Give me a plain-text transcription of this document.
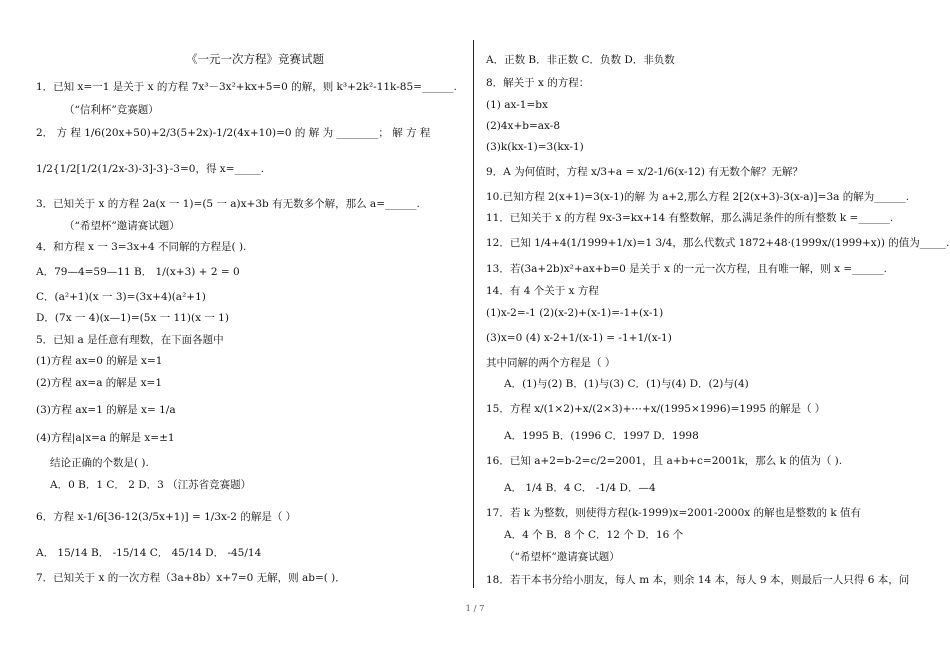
《一元一次方程》竞赛试题
1．已知 x=一1 是关于 x 的方程 7x³－3x²+kx+5=0 的解，则 k³+2k²-11k-85=______.
（“信利杯”竞赛题）
2． 方 程 1/6(20x+50)+2/3(5+2x)-1/2(4x+10)=0 的 解 为 ________； 解 方 程
1/2{1/2[1/2(1/2x-3)-3]-3}-3=0，得 x=_____.
3．已知关于 x 的方程 2a(x 一 1)=(5 一 a)x+3b 有无数多个解，那么 a=______.
（“希望杯”邀请赛试题）
4．和方程 x 一 3=3x+4 不同解的方程是( ).
A．79—4=59—11 B． 1/(x+3) + 2 = 0
C．(a²+1)(x 一 3)=(3x+4)(a²+1)
D．(7x 一 4)(x—1)=(5x 一 11)(x 一 1)
5．已知 a 是任意有理数，在下面各题中
(1)方程 ax=0 的解是 x=1
(2)方程 ax=a 的解是 x=1
(3)方程 ax=1 的解是 x= 1/a
(4)方程|a|x=a 的解是 x=±1
结论正确的个数是( ).
A．0 B．1 C． 2 D．3 （江苏省竞赛题）
6．方程 x-1/6[36-12(3/5x+1)] = 1/3x-2 的解是（ ）
A． 15/14 B． -15/14 C． 45/14 D． -45/14
7．已知关于 x 的一次方程（3a+8b）x+7=0 无解，则 ab=( )．
A．正数 B．非正数 C．负数 D．非负数
8．解关于 x 的方程：
(1) ax-1=bx
(2)4x+b=ax-8
(3)k(kx-1)=3(kx-1)
9．A 为何值时，方程 x/3+a = x/2-1/6(x-12) 有无数个解？无解？
10.已知方程 2(x+1)=3(x-1)的解 为 a+2,那么方程 2[2(x+3)-3(x-a)]=3a 的解为______.
11．已知关于 x 的方程 9x-3=kx+14 有整数解，那么满足条件的所有整数 k =______.
12．已知 1/4+4(1/1999+1/x)=1 3/4，那么代数式 1872+48·(1999x/(1999+x)) 的值为_____.
13．若(3a+2b)x²+ax+b=0 是关于 x 的一元一次方程，且有唯一解，则 x =______.
14．有 4 个关于 x 方程
(1)x-2=-1 (2)(x-2)+(x-1)=-1+(x-1)
(3)x=0 (4) x-2+1/(x-1) = -1+1/(x-1)
其中同解的两个方程是（ ）
A．(1)与(2) B．(1)与(3) C．(1)与(4) D．(2)与(4)
15．方程 x/(1×2)+x/(2×3)+⋯+x/(1995×1996)=1995 的解是（ ）
A．1995 B．(1996 C．1997 D．1998
16．已知 a+2=b-2=c/2=2001，且 a+b+c=2001k，那么 k 的值为（ ).
A． 1/4 B．4 C． -1/4 D．—4
17．若 k 为整数，则使得方程(k-1999)x=2001-2000x 的解也是整数的 k 值有
A．4 个 B．8 个 C．12 个 D．16 个
（“希望杯”邀请赛试题）
18．若干本书分给小朋友，每人 m 本，则余 14 本，每人 9 本，则最后一人只得 6 本，问
1 / 7
